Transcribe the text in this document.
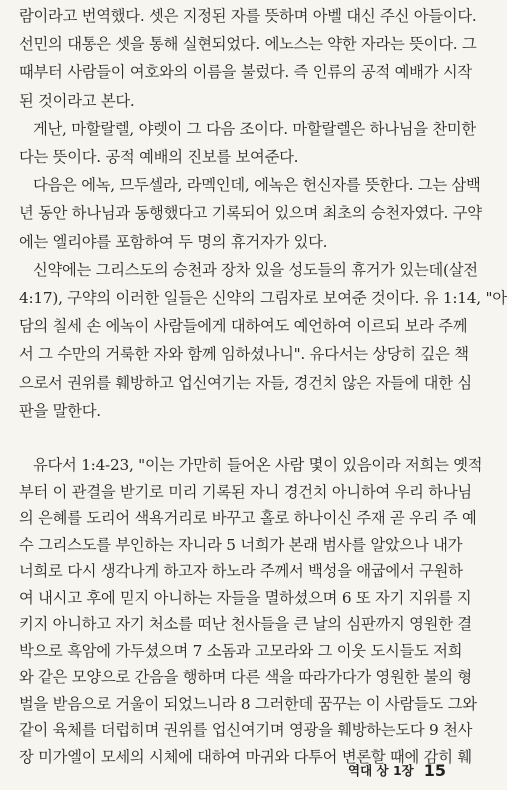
람이라고 번역했다. 셋은 지정된 자를 뜻하며 아벨 대신 주신 아들이다.
선민의 대통은 셋을 통해 실현되었다. 에노스는 약한 자라는 뜻이다. 그
때부터 사람들이 여호와의 이름을 불렀다. 즉 인류의 공적 예배가 시작
된 것이라고 본다.
게난, 마할랄렐, 야렛이 그 다음 조이다. 마할랄렐은 하나님을 찬미한
다는 뜻이다. 공적 예배의 진보를 보여준다.
다음은 에녹, 므두셀라, 라멕인데, 에녹은 헌신자를 뜻한다. 그는 삼백
년 동안 하나님과 동행했다고 기록되어 있으며 최초의 승천자였다. 구약
에는 엘리야를 포함하여 두 명의 휴거자가 있다.
신약에는 그리스도의 승천과 장차 있을 성도들의 휴거가 있는데(살전
4:17), 구약의 이러한 일들은 신약의 그림자로 보여준 것이다. 유 1:14, "아
담의 칠세 손 에녹이 사람들에게 대하여도 예언하여 이르되 보라 주께
서 그 수만의 거룩한 자와 함께 임하셨나니". 유다서는 상당히 깊은 책
으로서 권위를 훼방하고 업신여기는 자들, 경건치 않은 자들에 대한 심
판을 말한다.
유다서 1:4-23, "이는 가만히 들어온 사람 몇이 있음이라 저희는 옛적
부터 이 관결을 받기로 미리 기록된 자니 경건치 아니하여 우리 하나님
의 은혜를 도리어 색욕거리로 바꾸고 홀로 하나이신 주재 곧 우리 주 예
수 그리스도를 부인하는 자니라 5 너희가 본래 범사를 알았으나 내가
너희로 다시 생각나게 하고자 하노라 주께서 백성을 애굽에서 구원하
여 내시고 후에 믿지 아니하는 자들을 멸하셨으며 6 또 자기 지위를 지
키지 아니하고 자기 처소를 떠난 천사들을 큰 날의 심판까지 영원한 결
박으로 흑암에 가두셨으며 7 소돔과 고모라와 그 이웃 도시들도 저희
와 같은 모양으로 간음을 행하며 다른 색을 따라가다가 영원한 불의 형
벌을 받음으로 거울이 되었느니라 8 그러한데 꿈꾸는 이 사람들도 그와
같이 육체를 더럽히며 권위를 업신여기며 영광을 훼방하는도다 9 천사
장 미가엘이 모세의 시체에 대하여 마귀와 다투어 변론할 때에 감히 훼
역대 상 1장 15
